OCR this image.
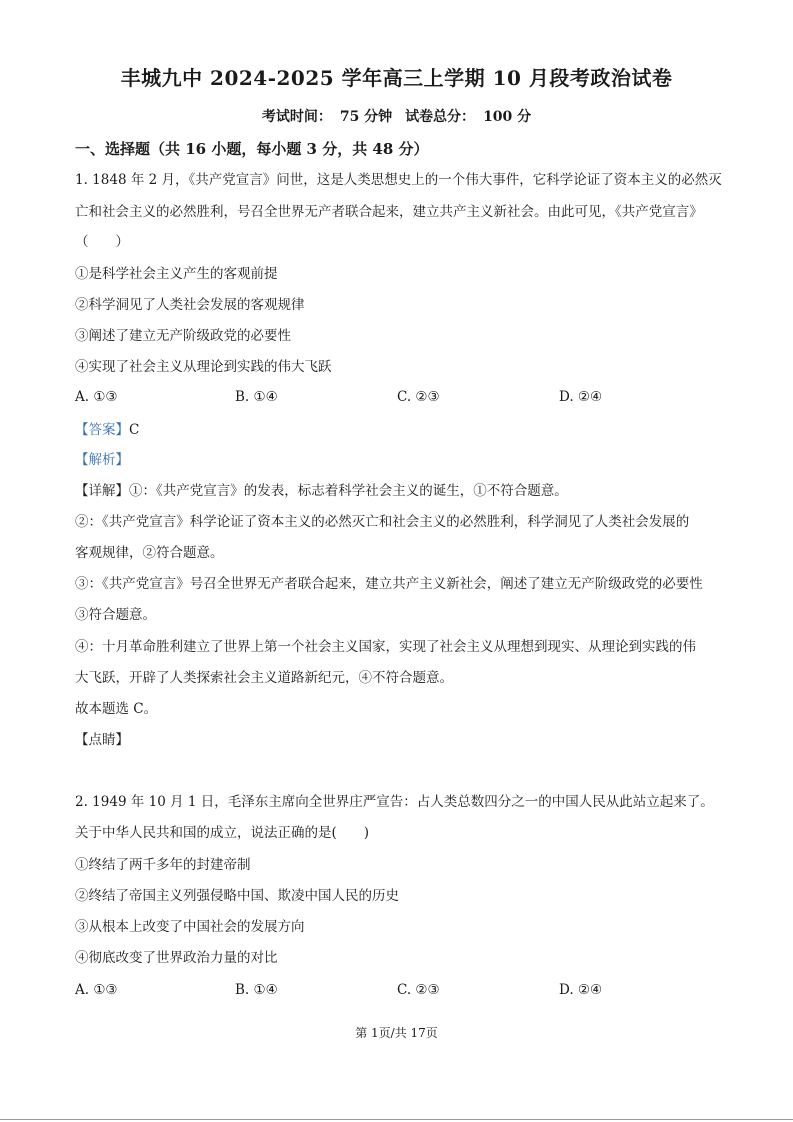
丰城九中 2024-2025 学年高三上学期 10 月段考政治试卷
考试时间： 75 分钟 试卷总分： 100 分
一、选择题（共 16 小题，每小题 3 分，共 48 分）
1. 1848 年 2 月，《共产党宣言》问世，这是人类思想史上的一个伟大事件，它科学论证了资本主义的必然灭
亡和社会主义的必然胜利，号召全世界无产者联合起来，建立共产主义新社会。由此可见，《共产党宣言》
（　　）
①是科学社会主义产生的客观前提
②科学洞见了人类社会发展的客观规律
③阐述了建立无产阶级政党的必要性
④实现了社会主义从理论到实践的伟大飞跃
A. ①③	B. ①④	C. ②③	D. ②④
【答案】C
【解析】
【详解】①：《共产党宣言》的发表，标志着科学社会主义的诞生，①不符合题意。
②：《共产党宣言》科学论证了资本主义的必然灭亡和社会主义的必然胜利，科学洞见了人类社会发展的
客观规律，②符合题意。
③：《共产党宣言》号召全世界无产者联合起来，建立共产主义新社会，阐述了建立无产阶级政党的必要性
③符合题意。
④：十月革命胜利建立了世界上第一个社会主义国家，实现了社会主义从理想到现实、从理论到实践的伟
大飞跃，开辟了人类探索社会主义道路新纪元，④不符合题意。
故本题选 C。
【点睛】
2. 1949 年 10 月 1 日，毛泽东主席向全世界庄严宣告：占人类总数四分之一的中国人民从此站立起来了。
关于中华人民共和国的成立，说法正确的是(　　)
①终结了两千多年的封建帝制
②终结了帝国主义列强侵略中国、欺凌中国人民的历史
③从根本上改变了中国社会的发展方向
④彻底改变了世界政治力量的对比
A. ①③	B. ①④	C. ②③	D. ②④
第 1页/共 17页
